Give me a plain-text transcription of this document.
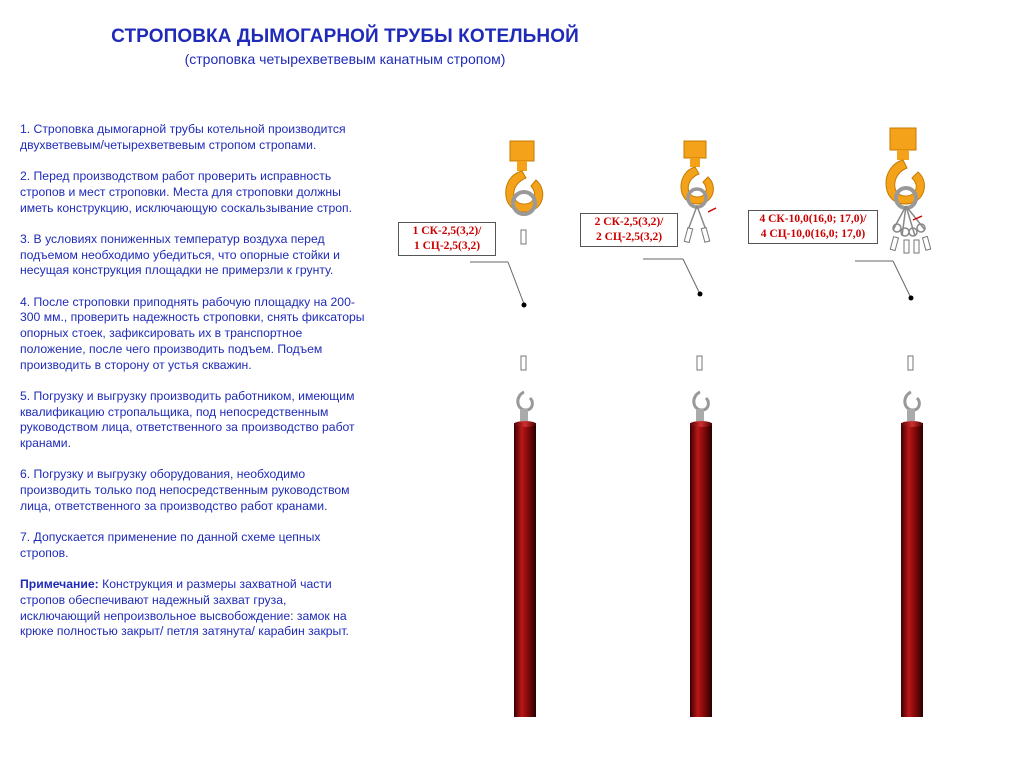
СТРОПОВКА ДЫМОГАРНОЙ ТРУБЫ КОТЕЛЬНОЙ
(строповка четырехветвевым канатным стропом)

1. Строповка дымогарной трубы котельной производится двухветвевым/четырехветвевым стропом стропами.

2. Перед производством работ проверить исправность стропов и мест строповки. Места для строповки должны иметь конструкцию, исключающую соскальзывание строп.

3. В условиях пониженных температур воздуха перед подъемом необходимо убедиться, что опорные стойки и несущая конструкция площадки не примерзли к грунту.

4. После строповки приподнять рабочую площадку на 200-300 мм., проверить надежность строповки, снять фиксаторы опорных стоек, зафиксировать их в транспортное положение, после чего производить подъем. Подъем производить в сторону от устья скважин.

5. Погрузку и выгрузку производить работником, имеющим квалификацию стропальщика, под непосредственным руководством лица, ответственного за производство работ кранами.

6. Погрузку и выгрузку оборудования, необходимо производить только под непосредственным руководством лица, ответственного за производство работ кранами.

7. Допускается применение по данной схеме цепных стропов.

Примечание: Конструкция и размеры захватной части стропов обеспечивают надежный захват груза, исключающий непроизвольное высвобождение: замок на крюке полностью закрыт/ петля затянута/ карабин закрыт.

1 СК-2,5(3,2)/
1 СЦ-2,5(3,2)
2 СК-2,5(3,2)/
2 СЦ-2,5(3,2)
4 СК-10,0(16,0; 17,0)/
4 СЦ-10,0(16,0; 17,0)
